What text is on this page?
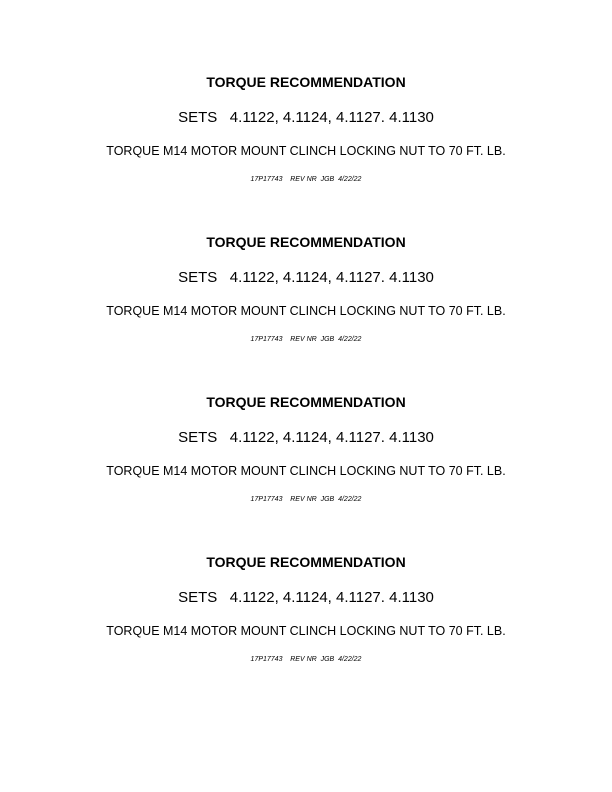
TORQUE RECOMMENDATION
SETS   4.1122, 4.1124, 4.1127. 4.1130
TORQUE M14 MOTOR MOUNT CLINCH LOCKING NUT TO 70 FT. LB.
17P17743    REV NR  JGB  4/22/22
TORQUE RECOMMENDATION
SETS   4.1122, 4.1124, 4.1127. 4.1130
TORQUE M14 MOTOR MOUNT CLINCH LOCKING NUT TO 70 FT. LB.
17P17743    REV NR  JGB  4/22/22
TORQUE RECOMMENDATION
SETS   4.1122, 4.1124, 4.1127. 4.1130
TORQUE M14 MOTOR MOUNT CLINCH LOCKING NUT TO 70 FT. LB.
17P17743    REV NR  JGB  4/22/22
TORQUE RECOMMENDATION
SETS   4.1122, 4.1124, 4.1127. 4.1130
TORQUE M14 MOTOR MOUNT CLINCH LOCKING NUT TO 70 FT. LB.
17P17743    REV NR  JGB  4/22/22
